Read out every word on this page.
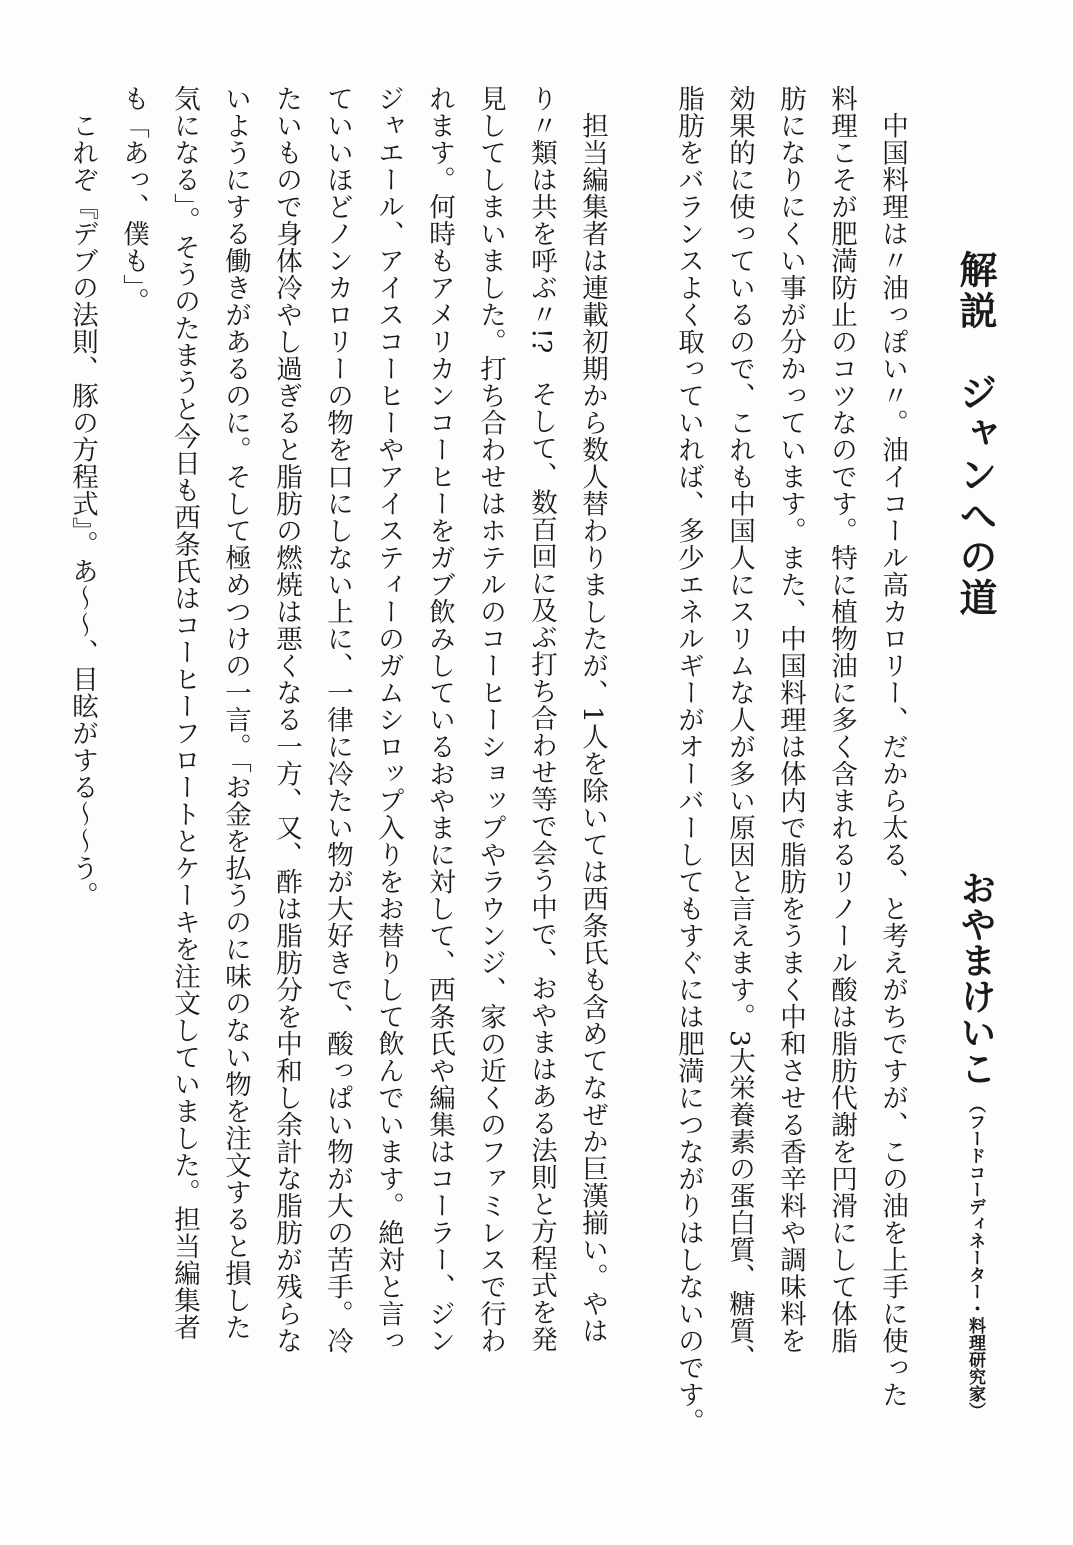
解説　ジャンへの道
おやまけいこ（フードコーディネーター・料理研究家）
　中国料理は〃油っぽい〃。油イコール高カロリー、だから太る、と考えがちですが、この油を上手に使った
料理こそが肥満防止のコツなのです。特に植物油に多く含まれるリノール酸は脂肪代謝を円滑にして体脂
肪になりにくい事が分かっています。また、中国料理は体内で脂肪をうまく中和させる香辛料や調味料を
効果的に使っているので、これも中国人にスリムな人が多い原因と言えます。3大栄養素の蛋白質、糖質、
脂肪をバランスよく取っていれば、多少エネルギーがオーバーしてもすぐには肥満につながりはしないのです。
　担当編集者は連載初期から数人替わりましたが、1人を除いては西条氏も含めてなぜか巨漢揃い。やは
り〃類は共を呼ぶ〃!?　そして、数百回に及ぶ打ち合わせ等で会う中で、おやまはある法則と方程式を発
見してしまいました。打ち合わせはホテルのコーヒーショップやラウンジ、家の近くのファミレスで行わ
れます。何時もアメリカンコーヒーをガブ飲みしているおやまに対して、西条氏や編集はコーラー、ジン
ジャエール、アイスコーヒーやアイスティーのガムシロップ入りをお替りして飲んでいます。絶対と言っ
ていいほどノンカロリーの物を口にしない上に、一律に冷たい物が大好きで、酸っぱい物が大の苦手。冷
たいもので身体冷やし過ぎると脂肪の燃焼は悪くなる一方、又、酢は脂肪分を中和し余計な脂肪が残らな
いようにする働きがあるのに。そして極めつけの一言。「お金を払うのに味のない物を注文すると損した
気になる」。そうのたまうと今日も西条氏はコーヒーフロートとケーキを注文していました。担当編集者
も「あっ、僕も」。
　これぞ『デブの法則、豚の方程式』。あ〜〜、目眩がする〜〜う。
